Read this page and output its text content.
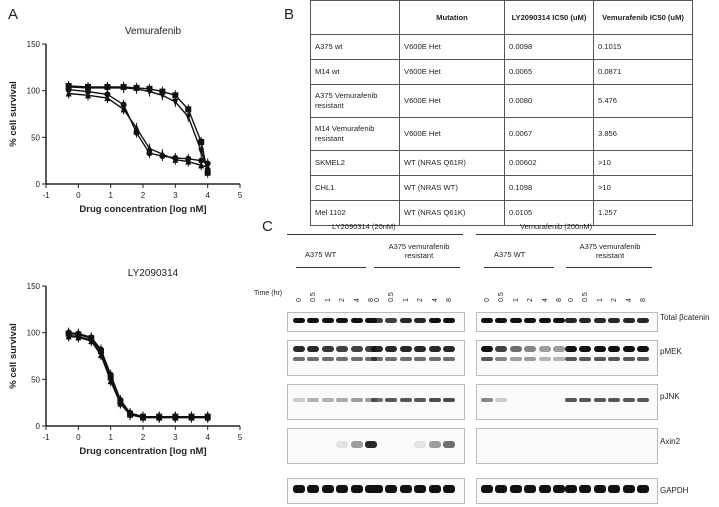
A
Vemurafenib
0
50
100
150
-1	0	1	2	3	4	5
Drug concentration [log nM]
% cell survival
LY2090314
0
50
100
150
-1	0	1	2	3	4	5
Drug concentration [log nM]
% cell survival
B
		Mutation	LY2090314 IC50 (uM)	Vemurafenib IC50 (uM)
A375 wt	V600E Het	0.0098	0.1015
M14 wt	V600E Het	0.0065	0.0871
A375 Vemurafenib resistant	V600E Het	0.0080	5.476
M14 Vemurafenib resistant	V600E Het	0.0067	3.856
SKMEL2	WT (NRAS Q61R)	0.00602	>10
CHL1	WT (NRAS WT)	0.1098	>10
Mel 1102	WT (NRAS Q61K)	0.0105	1.257
C	LY2090314 (20nM)	Vemurafenib (200nM)
A375 WT
A375 vemurafenib resistant	A375 WT
A375 vemurafenib resistant
Time (hr)
0 0.5 1 2 4 8 0 0.5 1 2 4 8	0 0.5 1 2 4 8 0 0.5 1 2 4 8
Total βcatenin
pMEK
pJNK
Axin2
GAPDH
